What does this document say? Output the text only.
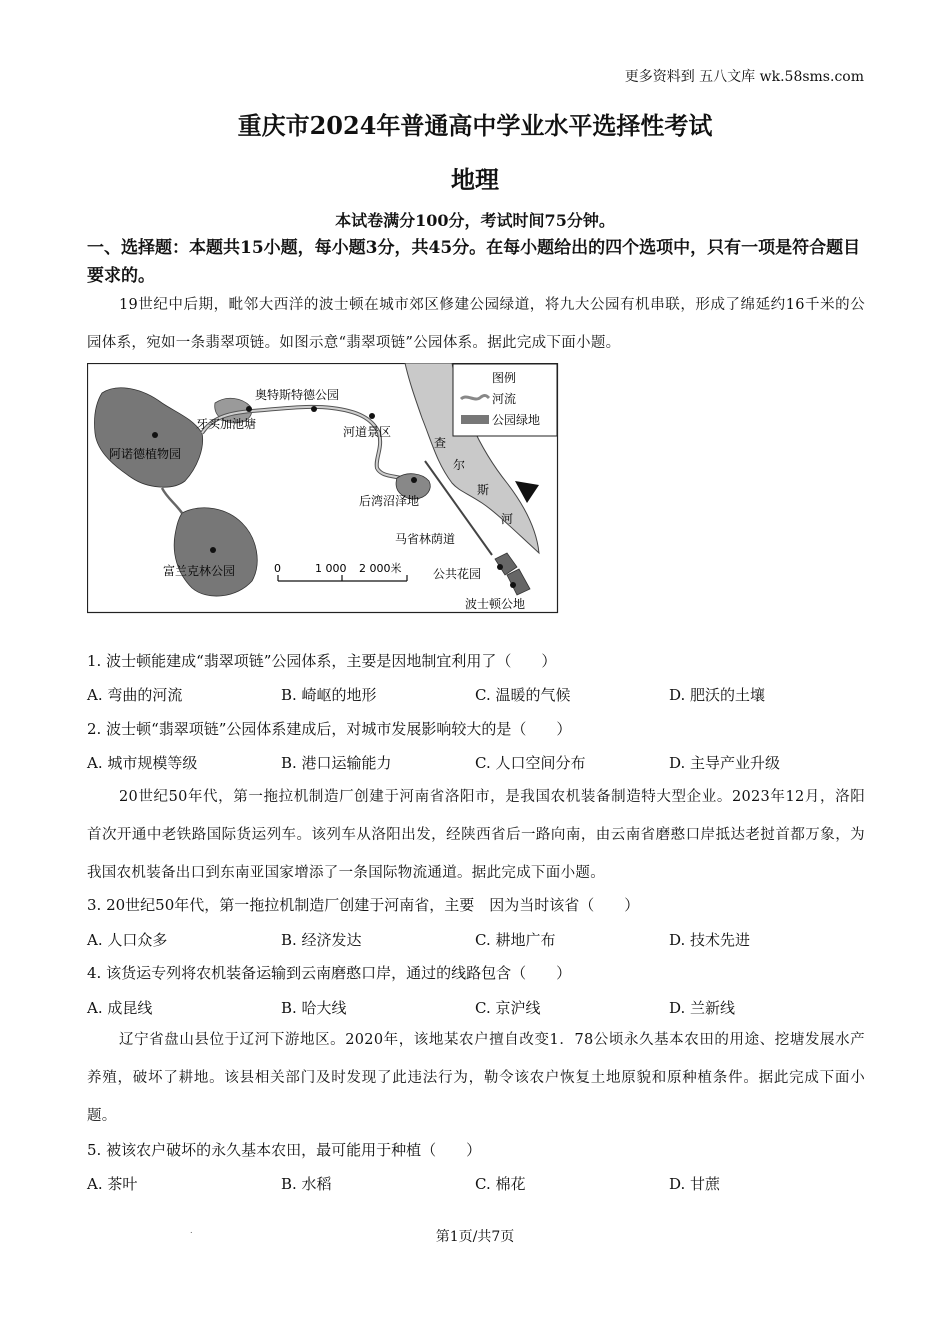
更多资料到 五八文库 wk.58sms.com
重庆市2024年普通高中学业水平选择性考试
地理
本试卷满分100分，考试时间75分钟。
一、选择题：本题共15小题，每小题3分，共45分。在每小题给出的四个选项中，只有一项是符合题目要求的。
19世纪中后期，毗邻大西洋的波士顿在城市郊区修建公园绿道，将九大公园有机串联，形成了绵延约16千米的公园体系，宛如一条翡翠项链。如图示意“翡翠项链”公园体系。据此完成下面小题。
图例
河流
公园绿地
阿诺德植物园
牙买加池塘
奥特斯特德公园
河道景区
后湾沼泽地
马省林荫道
公共花园
波士顿公地
富兰克林公园
查
尔
斯
河
0	1 000 2 000米
1. 波士顿能建成“翡翠项链”公园体系，主要是因地制宜利用了（　　）
A. 弯曲的河流	B. 崎岖的地形	C. 温暖的气候	D. 肥沃的土壤
2. 波士顿“翡翠项链”公园体系建成后，对城市发展影响较大的是（　　）
A. 城市规模等级	B. 港口运输能力	C. 人口空间分布	D. 主导产业升级
20世纪50年代，第一拖拉机制造厂创建于河南省洛阳市，是我国农机装备制造特大型企业。2023年12月，洛阳首次开通中老铁路国际货运列车。该列车从洛阳出发，经陕西省后一路向南，由云南省磨憨口岸抵达老挝首都万象，为我国农机装备出口到东南亚国家增添了一条国际物流通道。据此完成下面小题。
3. 20世纪50年代，第一拖拉机制造厂创建于河南省，主要　因为当时该省（　　）
A. 人口众多	B. 经济发达	C. 耕地广布	D. 技术先进
4. 该货运专列将农机装备运输到云南磨憨口岸，通过的线路包含（　　）
A. 成昆线	B. 哈大线	C. 京沪线	D. 兰新线
辽宁省盘山县位于辽河下游地区。2020年，该地某农户擅自改变1．78公顷永久基本农田的用途、挖塘发展水产养殖，破坏了耕地。该县相关部门及时发现了此违法行为，勒令该农户恢复土地原貌和原种植条件。据此完成下面小题。
5. 被该农户破坏的永久基本农田，最可能用于种植（　　）
A. 茶叶	B. 水稻	C. 棉花	D. 甘蔗
.	第1页/共7页
